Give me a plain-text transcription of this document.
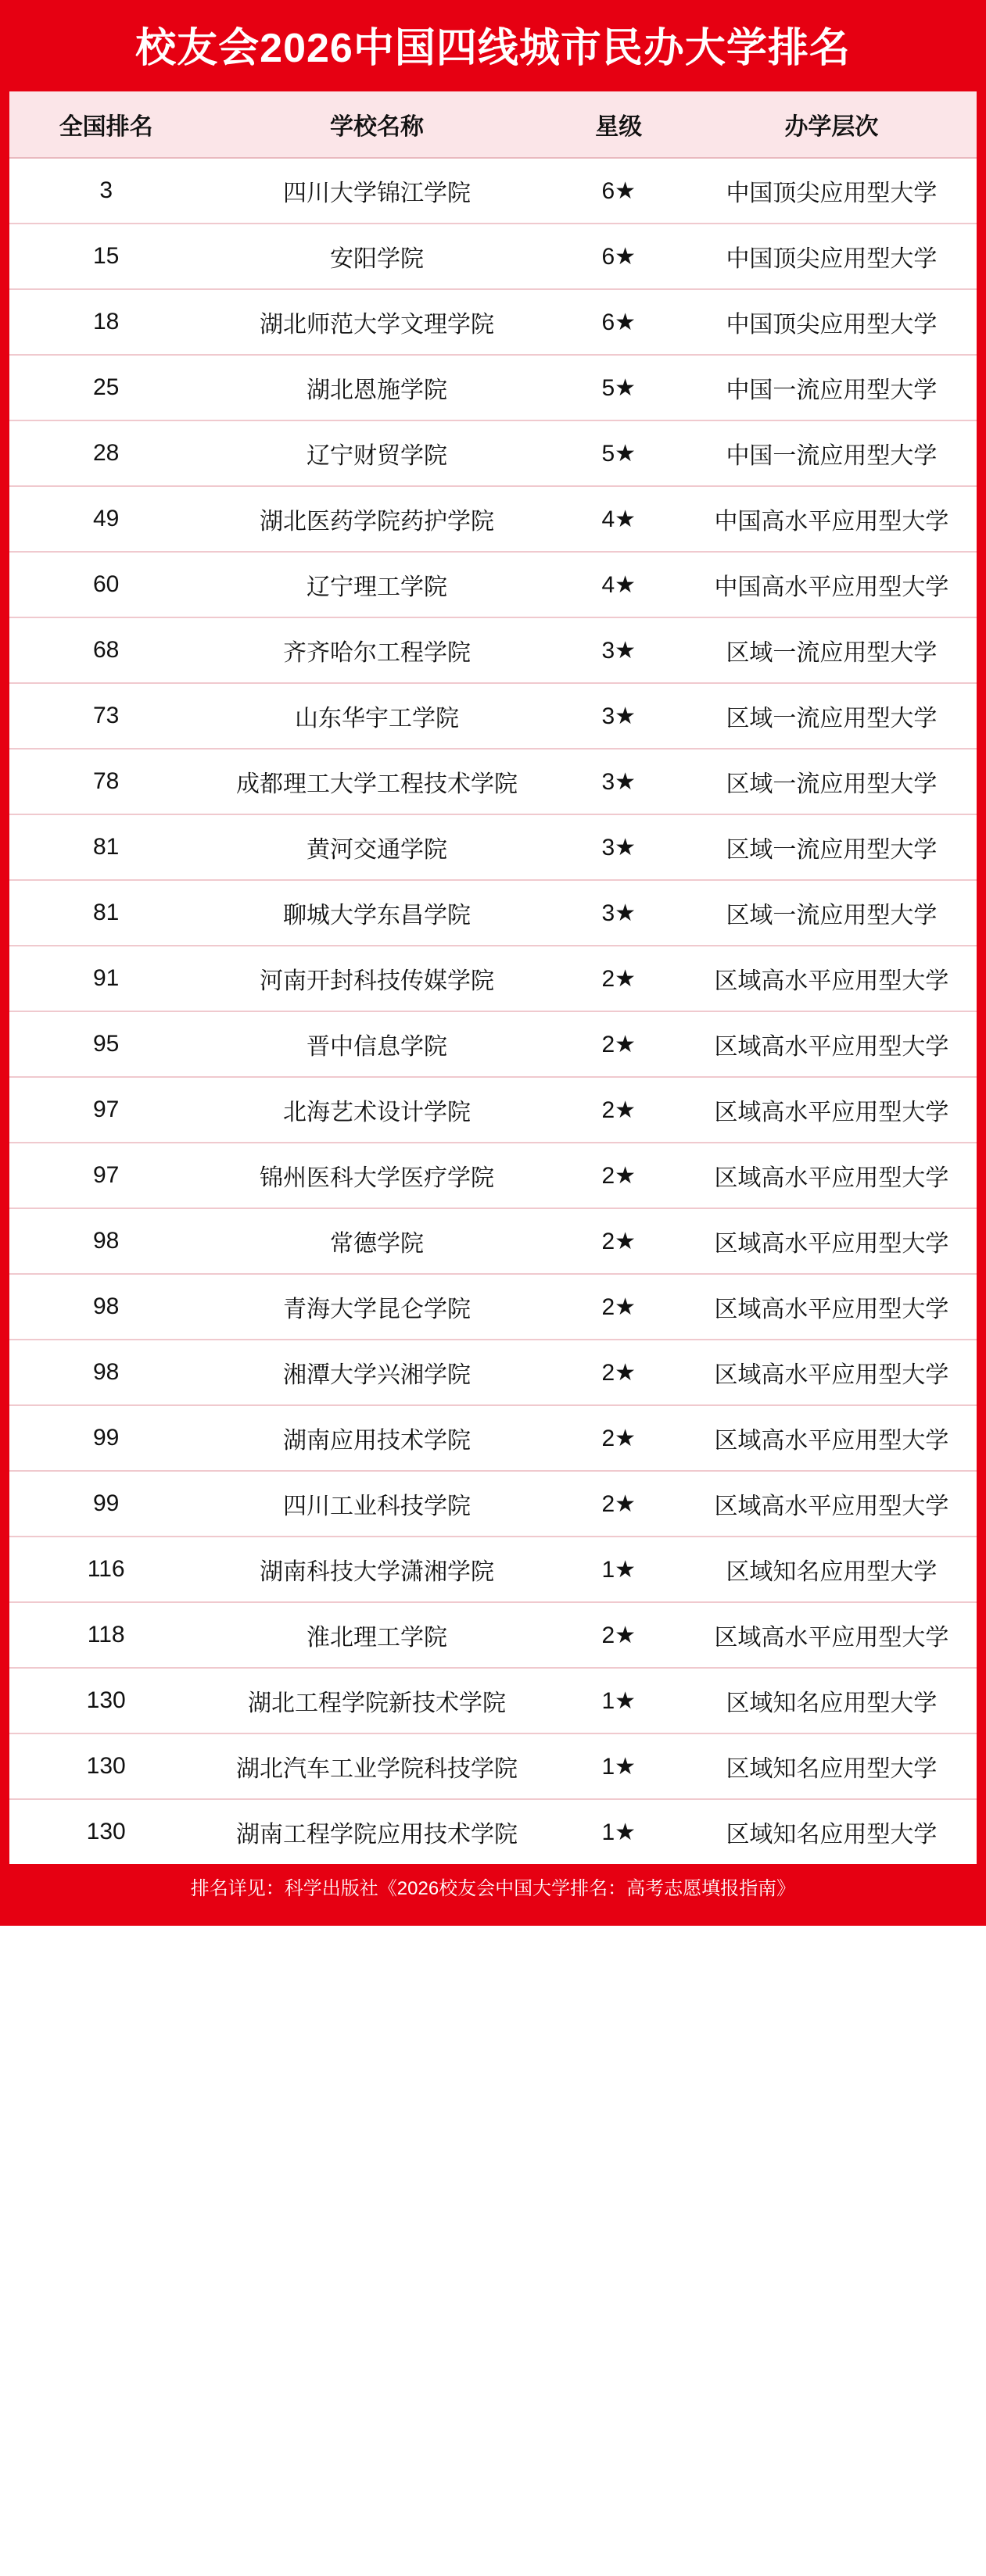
校友会2026中国四线城市民办大学排名
全国排名	学校名称	星级	办学层次
3	四川大学锦江学院	6★	中国顶尖应用型大学
15	安阳学院	6★	中国顶尖应用型大学
18	湖北师范大学文理学院	6★	中国顶尖应用型大学
25	湖北恩施学院	5★	中国一流应用型大学
28	辽宁财贸学院	5★	中国一流应用型大学
49	湖北医药学院药护学院	4★	中国高水平应用型大学
60	辽宁理工学院	4★	中国高水平应用型大学
68	齐齐哈尔工程学院	3★	区域一流应用型大学
73	山东华宇工学院	3★	区域一流应用型大学
78	成都理工大学工程技术学院	3★	区域一流应用型大学
81	黄河交通学院	3★	区域一流应用型大学
81	聊城大学东昌学院	3★	区域一流应用型大学
91	河南开封科技传媒学院	2★	区域高水平应用型大学
95	晋中信息学院	2★	区域高水平应用型大学
97	北海艺术设计学院	2★	区域高水平应用型大学
97	锦州医科大学医疗学院	2★	区域高水平应用型大学
98	常德学院	2★	区域高水平应用型大学
98	青海大学昆仑学院	2★	区域高水平应用型大学
98	湘潭大学兴湘学院	2★	区域高水平应用型大学
99	湖南应用技术学院	2★	区域高水平应用型大学
99	四川工业科技学院	2★	区域高水平应用型大学
116	湖南科技大学潇湘学院	1★	区域知名应用型大学
118	淮北理工学院	2★	区域高水平应用型大学
130	湖北工程学院新技术学院	1★	区域知名应用型大学
130	湖北汽车工业学院科技学院	1★	区域知名应用型大学
130	湖南工程学院应用技术学院	1★	区域知名应用型大学
排名详见：科学出版社《2026校友会中国大学排名：高考志愿填报指南》
